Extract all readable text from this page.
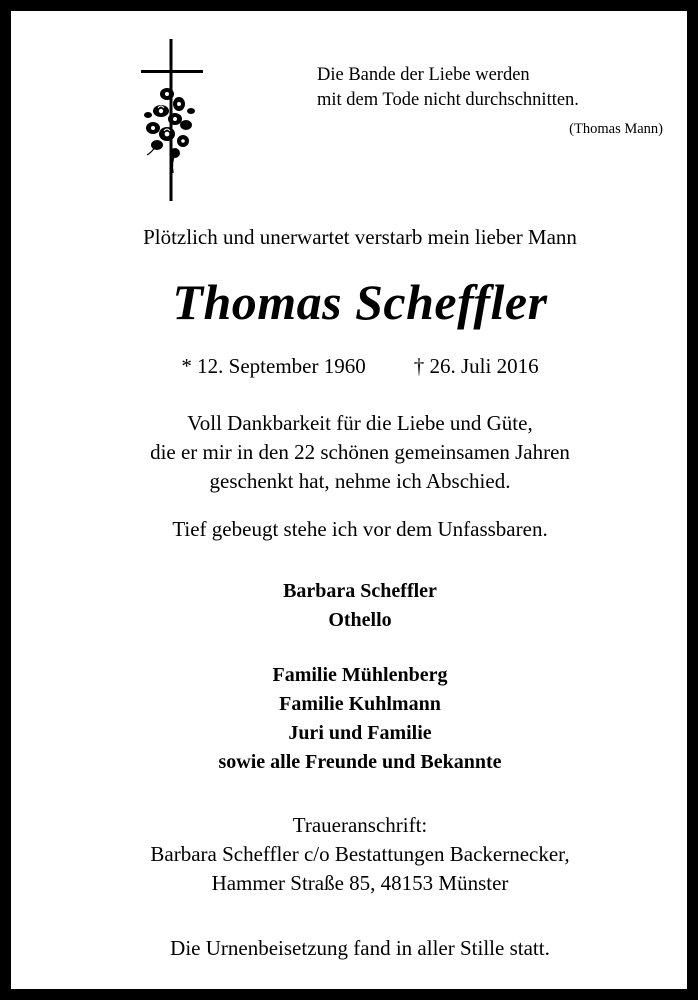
Die Bande der Liebe werden
mit dem Tode nicht durchschnitten.
(Thomas Mann)
Plötzlich und unerwartet verstarb mein lieber Mann
Thomas Scheffler
* 12. September 1960 † 26. Juli 2016
Voll Dankbarkeit für die Liebe und Güte,
die er mir in den 22 schönen gemeinsamen Jahren
geschenkt hat, nehme ich Abschied.
Tief gebeugt stehe ich vor dem Unfassbaren.
Barbara Scheffler
Othello
Familie Mühlenberg
Familie Kuhlmann
Juri und Familie
sowie alle Freunde und Bekannte
Traueranschrift:
Barbara Scheffler c/o Bestattungen Backernecker,
Hammer Straße 85, 48153 Münster
Die Urnenbeisetzung fand in aller Stille statt.
